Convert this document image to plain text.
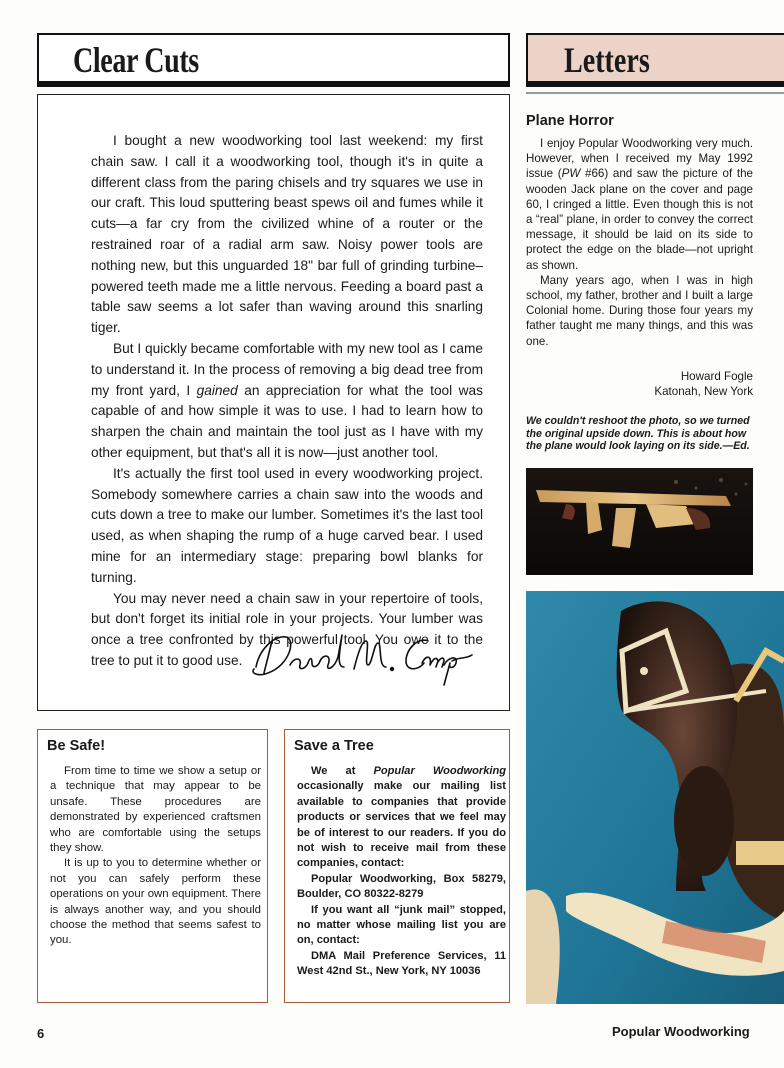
Clear Cuts	Letters

I bought a new woodworking tool last weekend: my first chain saw. I call it a woodworking tool, though it's in quite a different class from the paring chisels and try squares we use in our craft. This loud sputtering beast spews oil and fumes while it cuts—a far cry from the civilized whine of a router or the restrained roar of a radial arm saw. Noisy power tools are nothing new, but this unguarded 18" bar full of grinding turbine–powered teeth made me a little nervous. Feeding a board past a table saw seems a lot safer than waving around this snarling tiger.

But I quickly became comfortable with my new tool as I came to understand it. In the process of removing a big dead tree from my front yard, I gained an appreciation for what the tool was capable of and how simple it was to use. I had to learn how to sharpen the chain and maintain the tool just as I have with my other equipment, but that's all it is now—just another tool.

It's actually the first tool used in every woodworking project. Somebody somewhere carries a chain saw into the woods and cuts down a tree to make our lumber. Sometimes it's the last tool used, as when shaping the rump of a huge carved bear. I used mine for an intermediary stage: preparing bowl blanks for turning.

You may never need a chain saw in your repertoire of tools, but don't forget its initial role in your projects. Your lumber was once a tree confronted by this powerful tool. You owe it to the tree to put it to good use.

Be Safe!

From time to time we show a setup or a technique that may appear to be unsafe. These procedures are demonstrated by experienced craftsmen who are comfortable using the setups they show.

It is up to you to determine whether or not you can safely perform these operations on your own equipment. There is always another way, and you should choose the method that seems safest to you.

Save a Tree

We at Popular Woodworking occasionally make our mailing list available to companies that provide products or services that we feel may be of interest to our readers. If you do not wish to receive mail from these companies, contact:

Popular Woodworking, Box 58279, Boulder, CO 80322-8279

If you want all “junk mail” stopped, no matter whose mailing list you are on, contact:

DMA Mail Preference Services, 11 West 42nd St., New York, NY 10036

Plane Horror

I enjoy Popular Woodworking very much. However, when I received my May 1992 issue (PW #66) and saw the picture of the wooden Jack plane on the cover and page 60, I cringed a little. Even though this is not a “real” plane, in order to convey the correct message, it should be laid on its side to protect the edge on the blade—not upright as shown.

Many years ago, when I was in high school, my father, brother and I built a large Colonial home. During those four years my father taught me many things, and this was one.

Howard Fogle
Katonah, New York
We couldn't reshoot the photo, so we turned the original upside down. This is about how the plane would look laying on its side.—Ed.
6	Popular Woodworking
